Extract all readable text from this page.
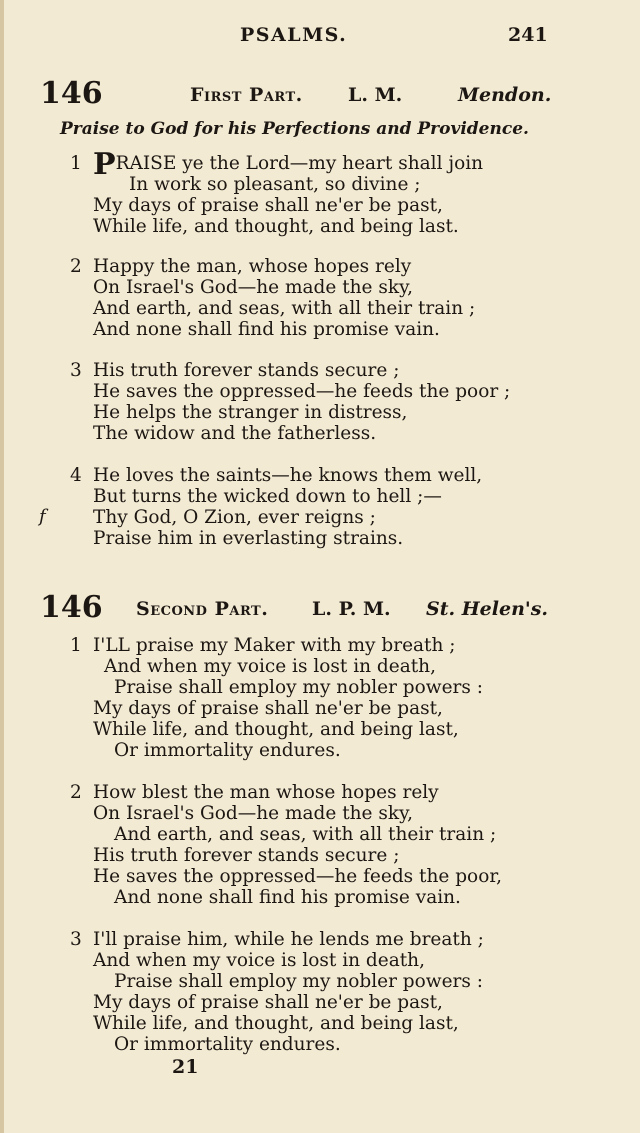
PSALMS.	241
146	First Part. L. M.	Mendon.
Praise to God for his Perfections and Providence.
1 PRAISE ye the Lord—my heart shall join
In work so pleasant, so divine ;
My days of praise shall ne'er be past,
While life, and thought, and being last.
2 Happy the man, whose hopes rely
On Israel's God—he made the sky,
And earth, and seas, with all their train ;
And none shall find his promise vain.
3 His truth forever stands secure ;
He saves the oppressed—he feeds the poor ;
He helps the stranger in distress,
The widow and the fatherless.
4 He loves the saints—he knows them well,
But turns the wicked down to hell ;—
Thy God, O Zion, ever reigns ;
Praise him in everlasting strains.
f
146 Second Part. L. P. M. St. Helen's.
1 I'LL praise my Maker with my breath ;
And when my voice is lost in death,
Praise shall employ my nobler powers :
My days of praise shall ne'er be past,
While life, and thought, and being last,
Or immortality endures.
2 How blest the man whose hopes rely
On Israel's God—he made the sky,
And earth, and seas, with all their train ;
His truth forever stands secure ;
He saves the oppressed—he feeds the poor,
And none shall find his promise vain.
3 I'll praise him, while he lends me breath ;
And when my voice is lost in death,
Praise shall employ my nobler powers :
My days of praise shall ne'er be past,
While life, and thought, and being last,
Or immortality endures.
21
